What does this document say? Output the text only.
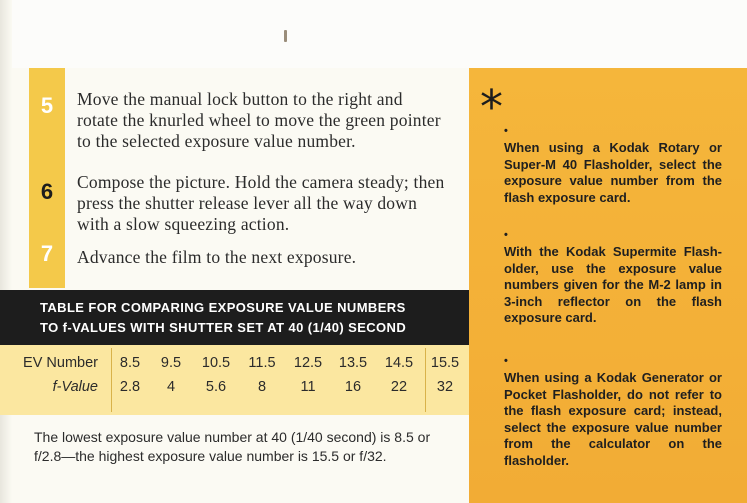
5	Move the manual lock button to the right and rotate the knurled wheel to move the green pointer to the selected exposure value number.
6	Compose the picture. Hold the camera steady; then press the shutter release lever all the way down with a slow squeezing action.
7	Advance the film to the next exposure.
TABLE FOR COMPARING EXPOSURE VALUE NUMBERS
TO f-VALUES WITH SHUTTER SET AT 40 (1/40) SECOND
EV Number	8.5	9.5	10.5	11.5	12.5	13.5	14.5	15.5
f-Value	2.8	4	5.6	8	11	16	22	32
The lowest exposure value number at 40 (1/40 second) is 8.5 or f/2.8—the highest exposure value number is 15.5 or f/32.
* •
When using a Kodak Rotary or Super-M 40 Flasholder, select the exposure value number from the flash exposure card.
•
With the Kodak Supermite Flash-older, use the exposure value numbers given for the M-2 lamp in 3-inch reflector on the flash exposure card.
•
When using a Kodak Generator or Pocket Flasholder, do not refer to the flash exposure card; instead, select the exposure value number from the calculator on the flasholder.
